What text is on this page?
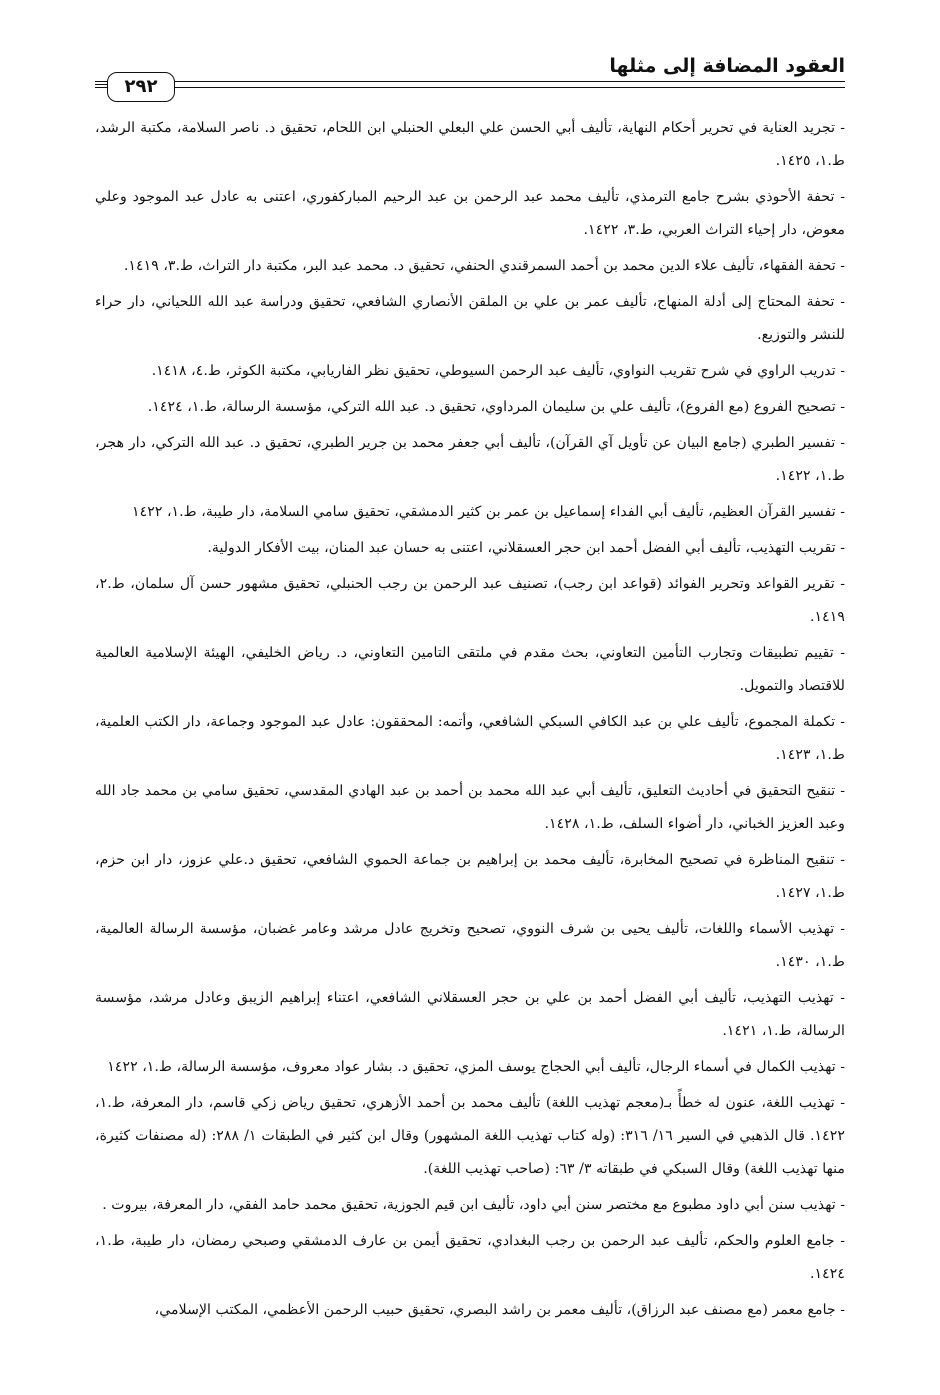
العقود المضافة إلى مثلها
٢٩٢

- تجريد العناية في تحرير أحكام النهاية، تأليف أبي الحسن علي البعلي الحنبلي ابن اللحام، تحقيق د. ناصر السلامة، مكتبة الرشد، ط.١، ١٤٢٥.

- تحفة الأحوذي بشرح جامع الترمذي، تأليف محمد عبد الرحمن بن عبد الرحيم المباركفوري، اعتنى به عادل عبد الموجود وعلي معوض، دار إحياء التراث العربي، ط.٣، ١٤٢٢.

- تحفة الفقهاء، تأليف علاء الدين محمد بن أحمد السمرقندي الحنفي، تحقيق د. محمد عبد البر، مكتبة دار التراث، ط.٣، ١٤١٩.

- تحفة المحتاج إلى أدلة المنهاج، تأليف عمر بن علي بن الملقن الأنصاري الشافعي، تحقيق ودراسة عبد الله اللحياني، دار حراء للنشر والتوزيع.

- تدريب الراوي في شرح تقريب النواوي، تأليف عبد الرحمن السيوطي، تحقيق نظر الفاريابي، مكتبة الكوثر، ط.٤، ١٤١٨.

- تصحيح الفروع (مع الفروع)، تأليف علي بن سليمان المرداوي، تحقيق د. عبد الله التركي، مؤسسة الرسالة، ط.١، ١٤٢٤.

- تفسير الطبري (جامع البيان عن تأويل آي القرآن)، تأليف أبي جعفر محمد بن جرير الطبري، تحقيق د. عبد الله التركي، دار هجر، ط.١، ١٤٢٢.

- تفسير القرآن العظيم، تأليف أبي الفداء إسماعيل بن عمر بن كثير الدمشقي، تحقيق سامي السلامة، دار طيبة، ط.١، ١٤٢٢

- تقريب التهذيب، تأليف أبي الفضل أحمد ابن حجر العسقلاني، اعتنى به حسان عبد المنان، بيت الأفكار الدولية.

- تقرير القواعد وتحرير الفوائد (قواعد ابن رجب)، تصنيف عبد الرحمن بن رجب الحنبلي، تحقيق مشهور حسن آل سلمان، ط.٢، ١٤١٩.

- تقييم تطبيقات وتجارب التأمين التعاوني، بحث مقدم في ملتقى التامين التعاوني، د. رياض الخليفي، الهيئة الإسلامية العالمية للاقتصاد والتمويل.

- تكملة المجموع، تأليف علي بن عبد الكافي السبكي الشافعي، وأتمه: المحققون: عادل عبد الموجود وجماعة، دار الكتب العلمية، ط.١، ١٤٢٣.

- تنقيح التحقيق في أحاديث التعليق، تأليف أبي عبد الله محمد بن أحمد بن عبد الهادي المقدسي، تحقيق سامي بن محمد جاد الله وعبد العزيز الخباني، دار أضواء السلف، ط.١، ١٤٢٨.

- تنقيح المناظرة في تصحيح المخابرة، تأليف محمد بن إبراهيم بن جماعة الحموي الشافعي، تحقيق د.علي عزوز، دار ابن حزم، ط.١، ١٤٢٧.

- تهذيب الأسماء واللغات، تأليف يحيى بن شرف النووي، تصحيح وتخريج عادل مرشد وعامر غضبان، مؤسسة الرسالة العالمية، ط.١، ١٤٣٠.

- تهذيب التهذيب، تأليف أبي الفضل أحمد بن علي بن حجر العسقلاني الشافعي، اعتناء إبراهيم الزيبق وعادل مرشد، مؤسسة الرسالة، ط.١، ١٤٢١.

- تهذيب الكمال في أسماء الرجال، تأليف أبي الحجاج يوسف المزي، تحقيق د. بشار عواد معروف، مؤسسة الرسالة، ط.١، ١٤٢٢

- تهذيب اللغة، عنون له خطأً بـ(معجم تهذيب اللغة) تأليف محمد بن أحمد الأزهري، تحقيق رياض زكي قاسم، دار المعرفة، ط.١، ١٤٢٢. قال الذهبي في السير ١٦/ ٣١٦: (وله كتاب تهذيب اللغة المشهور) وقال ابن كثير في الطبقات ١/ ٢٨٨: (له مصنفات كثيرة، منها تهذيب اللغة) وقال السبكي في طبقاته ٣/ ٦٣: (صاحب تهذيب اللغة).

- تهذيب سنن أبي داود مطبوع مع مختصر سنن أبي داود، تأليف ابن قيم الجوزية، تحقيق محمد حامد الفقي، دار المعرفة، بيروت .

- جامع العلوم والحكم، تأليف عبد الرحمن بن رجب البغدادي، تحقيق أيمن بن عارف الدمشقي وصبحي رمضان، دار طيبة، ط.١، ١٤٢٤.

- جامع معمر (مع مصنف عبد الرزاق)، تأليف معمر بن راشد البصري، تحقيق حبيب الرحمن الأعظمي، المكتب الإسلامي،
